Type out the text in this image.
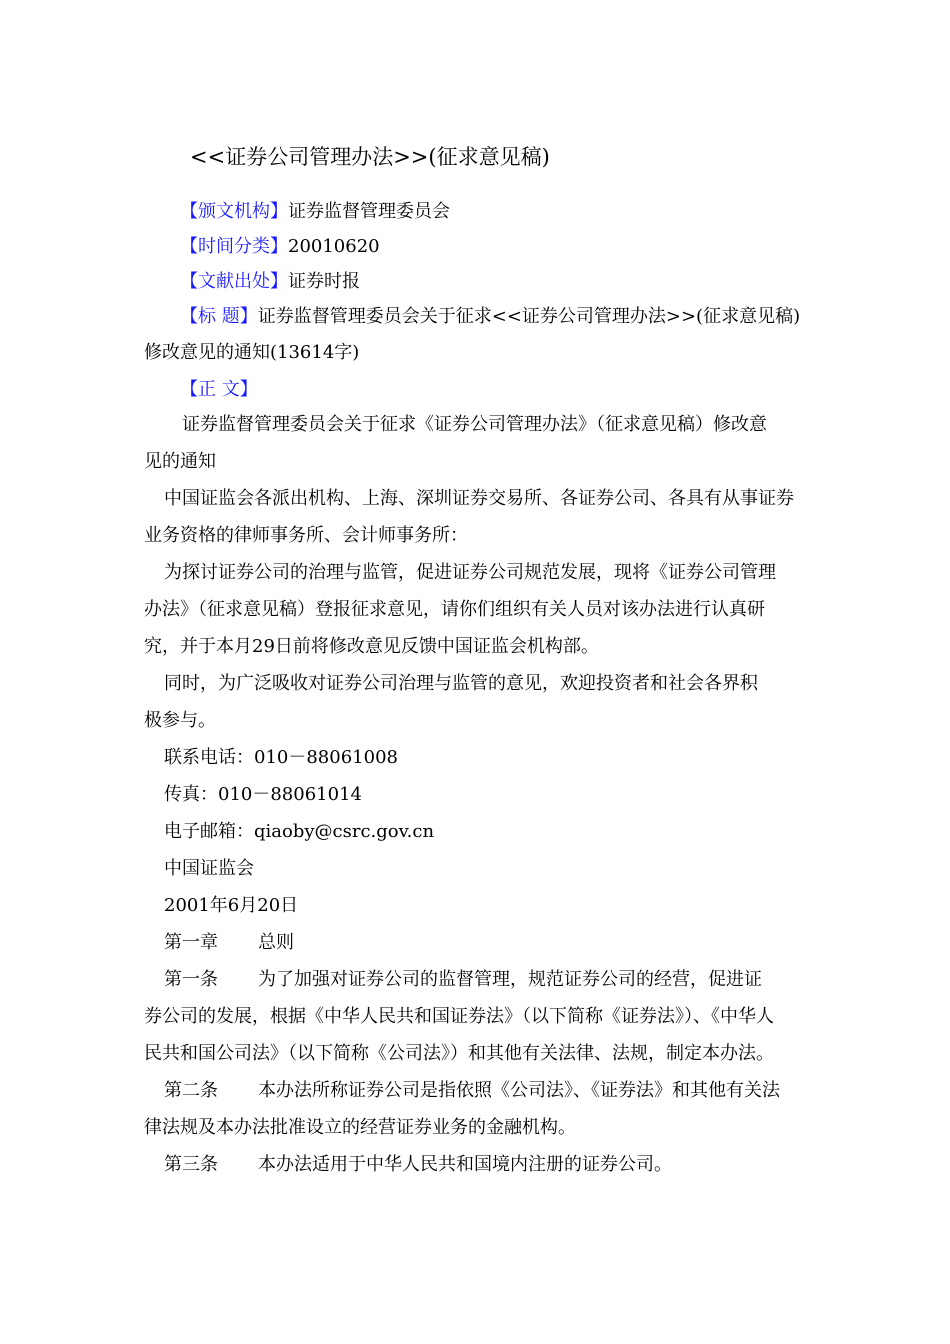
<<证券公司管理办法>>(征求意见稿)
【颁文机构】证券监督管理委员会
【时间分类】20010620
【文献出处】证券时报
【标 题】证券监督管理委员会关于征求<<证券公司管理办法>>(征求意见稿)
修改意见的通知(13614字)
【正 文】
证券监督管理委员会关于征求《证券公司管理办法》（征求意见稿）修改意
见的通知
中国证监会各派出机构、上海、深圳证券交易所、各证券公司、各具有从事证券
业务资格的律师事务所、会计师事务所：
为探讨证券公司的治理与监管，促进证券公司规范发展，现将《证券公司管理
办法》（征求意见稿）登报征求意见，请你们组织有关人员对该办法进行认真研
究，并于本月29日前将修改意见反馈中国证监会机构部。
同时，为广泛吸收对证券公司治理与监管的意见，欢迎投资者和社会各界积
极参与。
联系电话：010－88061008
传真：010－88061014
电子邮箱：qiaoby@csrc.gov.cn
中国证监会
2001年6月20日
第一章 总则
第一条 为了加强对证券公司的监督管理，规范证券公司的经营，促进证
券公司的发展，根据《中华人民共和国证券法》（以下简称《证券法》）、《中华人
民共和国公司法》（以下简称《公司法》）和其他有关法律、法规，制定本办法。
第二条 本办法所称证券公司是指依照《公司法》、《证券法》和其他有关法
律法规及本办法批准设立的经营证券业务的金融机构。
第三条 本办法适用于中华人民共和国境内注册的证券公司。
